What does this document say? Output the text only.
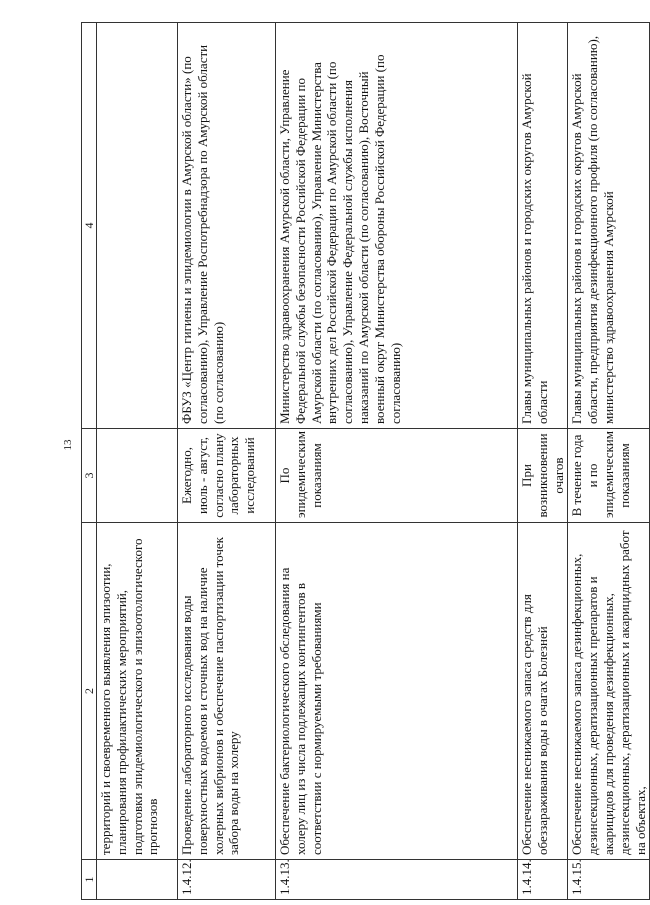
13
1	2	3	4
	территорий и своевременного выявления эпизоотии, планирования профилактических мероприятий, подготовки эпидемиологического и эпизоотологического прогнозов		
1.4.12.	Проведение лабораторного исследования воды поверхностных водоемов и сточных вод на наличие холерных вибрионов и обеспечение паспортизации точек забора воды на холеру	Ежегодно, июль - август, согласно плану лабораторных исследований	ФБУЗ «Центр гигиены и эпидемиологии в Амурской области» (по согласованию), Управление Роспотребнадзора по Амурской области (по согласованию)
1.4.13.	Обеспечение бактериологического обследования на холеру лиц из числа подлежащих контингентов в соответствии с нормируемыми требованиями	По эпидемическим показаниям	Министерство здравоохранения Амурской области, Управление Федеральной службы безопасности Российской Федерации по Амурской области (по согласованию), Управление Министерства внутренних дел Российской Федерации по Амурской области (по согласованию), Управление Федеральной службы исполнения наказаний по Амурской области (по согласованию), Восточный военный округ Министерства обороны Российской Федерации (по согласованию)
1.4.14.	Обеспечение неснижаемого запаса средств для обеззараживания воды в очагах Болезней	При возникновении очагов	Главы муниципальных районов и городских округов Амурской области
1.4.15.	Обеспечение неснижаемого запаса дезинфекционных, дезинсекционных, дератизационных препаратов и акарицидов для проведения дезинфекционных, дезинсекционных, дератизационных и акарицидных работ на объектах,	В течение года и по эпидемическим показаниям	Главы муниципальных районов и городских округов Амурской области, предприятия дезинфекционного профиля (по согласованию), министерство здравоохранения Амурской
